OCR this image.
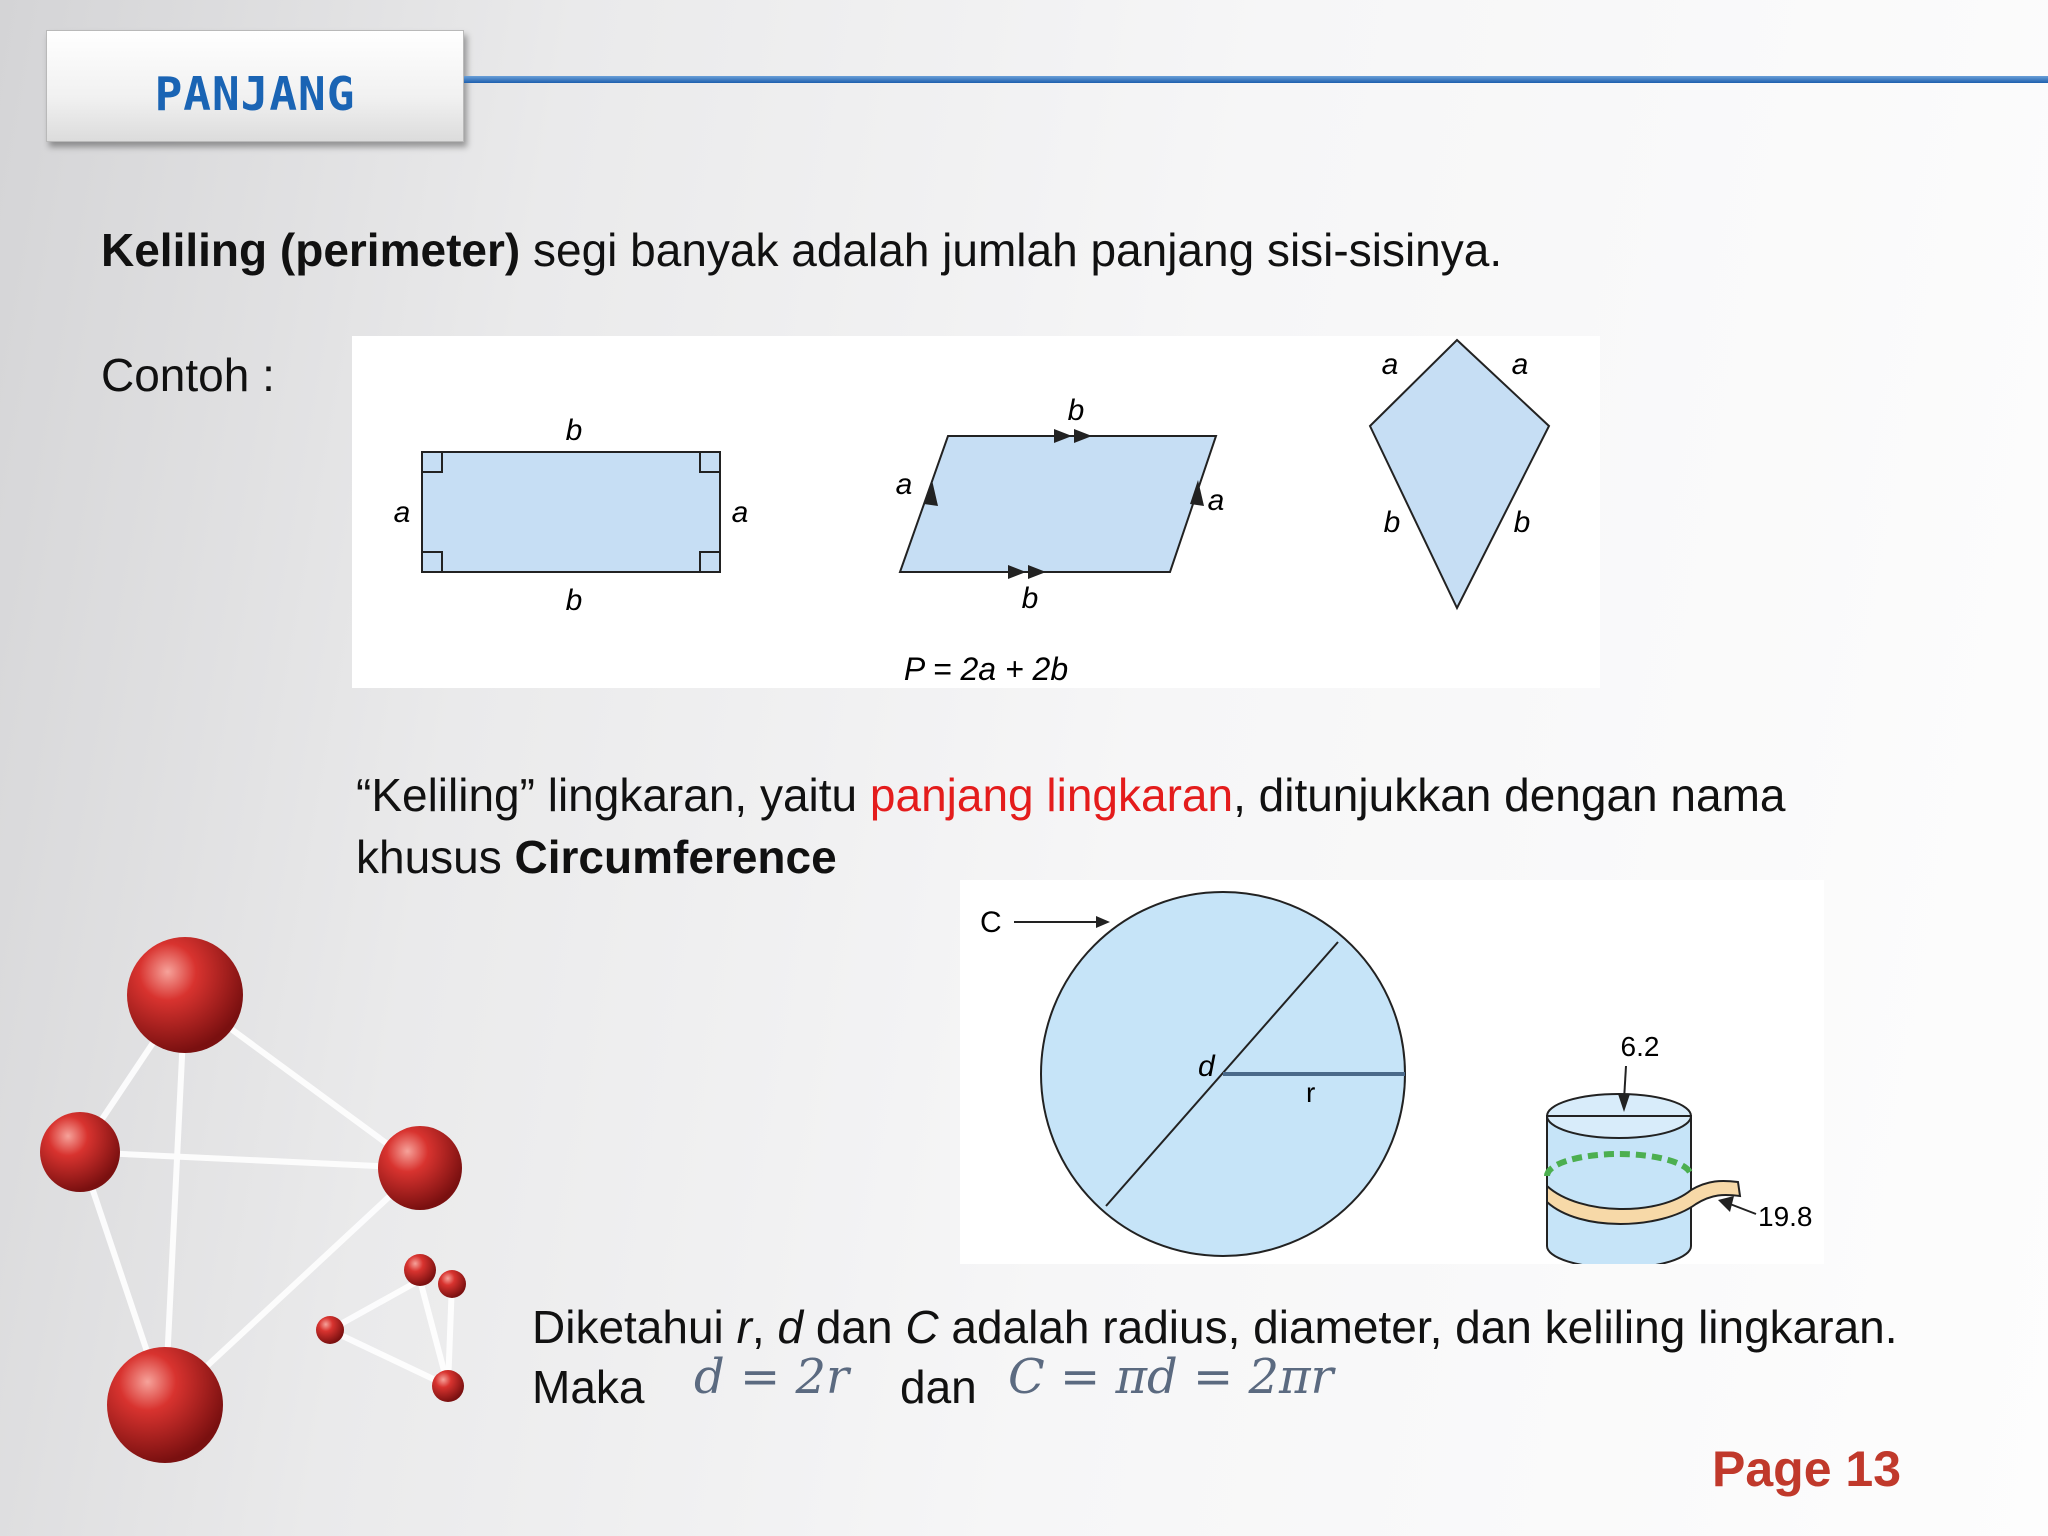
PANJANG
Keliling (perimeter) segi banyak adalah jumlah panjang sisi-sisinya.
Contoh :
b
b
a	a
b
b
a	a
P = 2a + 2b
a	a
b	b
“Keliling” lingkaran, yaitu panjang lingkaran, ditunjukkan dengan nama
khusus Circumference
C
d
r
6.2
19.8
Diketahui r, d dan C adalah radius, diameter, dan keliling lingkaran.
Maka d = 2r dan C = πd = 2πr
Page 13
